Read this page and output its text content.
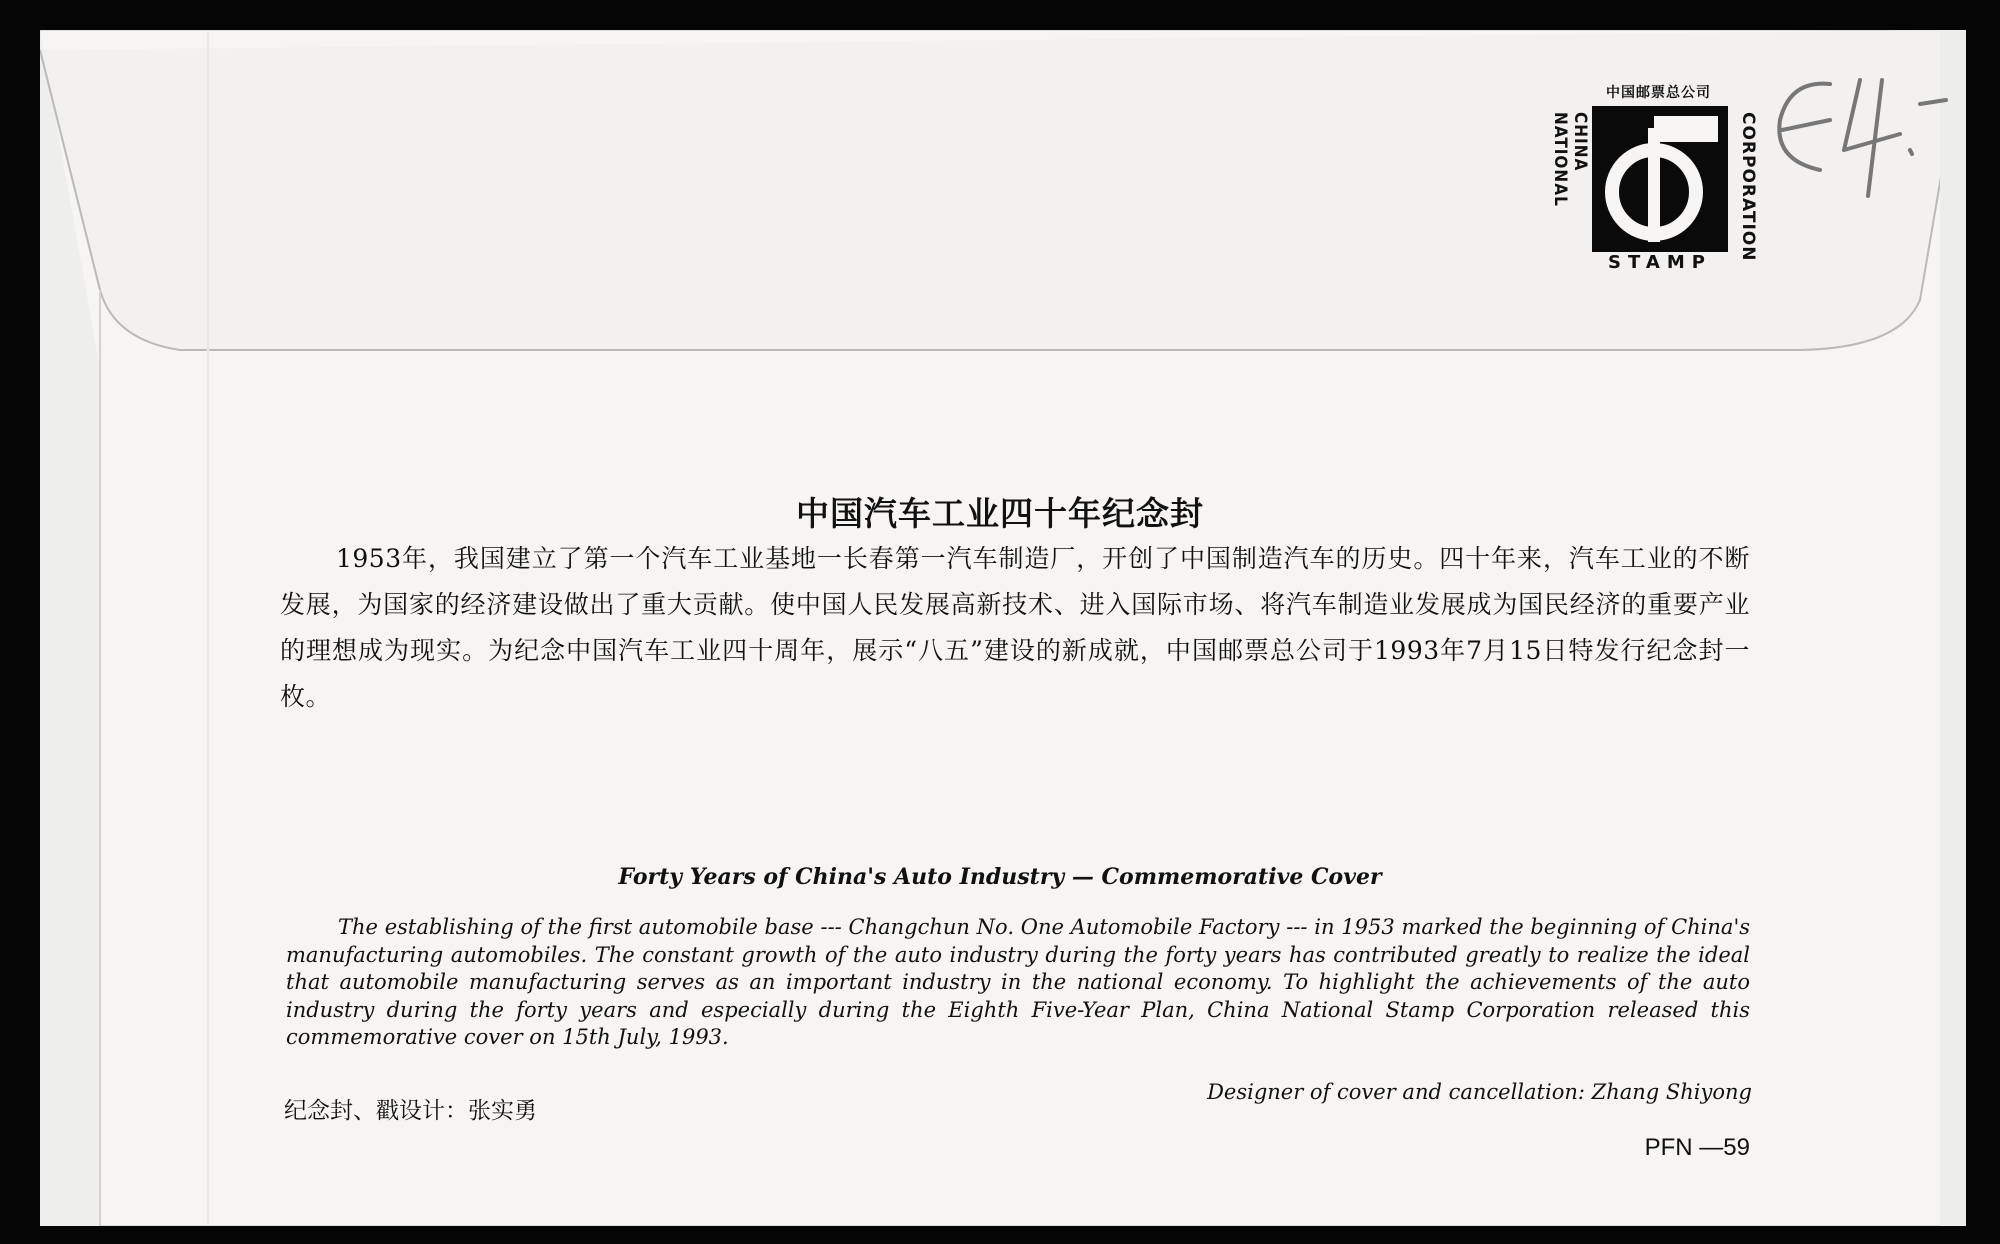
中国邮票总公司
CHINA NATIONAL	CORPORATION
STAMP
中国汽车工业四十年纪念封
1953年，我国建立了第一个汽车工业基地一长春第一汽车制造厂，开创了中国制造汽车的历史。四十年来，汽车工业的不断发展，为国家的经济建设做出了重大贡献。使中国人民发展高新技术、进入国际市场、将汽车制造业发展成为国民经济的重要产业的理想成为现实。为纪念中国汽车工业四十周年，展示“八五”建设的新成就，中国邮票总公司于1993年7月15日特发行纪念封一枚。
Forty Years of China's Auto Industry — Commemorative Cover
The establishing of the first automobile base --- Changchun No. One Automobile Factory --- in 1953 marked the beginning of China's manufacturing automobiles. The constant growth of the auto industry during the forty years has contributed greatly to realize the ideal that automobile manufacturing serves as an important industry in the national economy. To highlight the achievements of the auto industry during the forty years and especially during the Eighth Five-Year Plan, China National Stamp Corporation released this commemorative cover on 15th July, 1993.
纪念封、戳设计：张实勇
Designer of cover and cancellation: Zhang Shiyong
PFN —59
